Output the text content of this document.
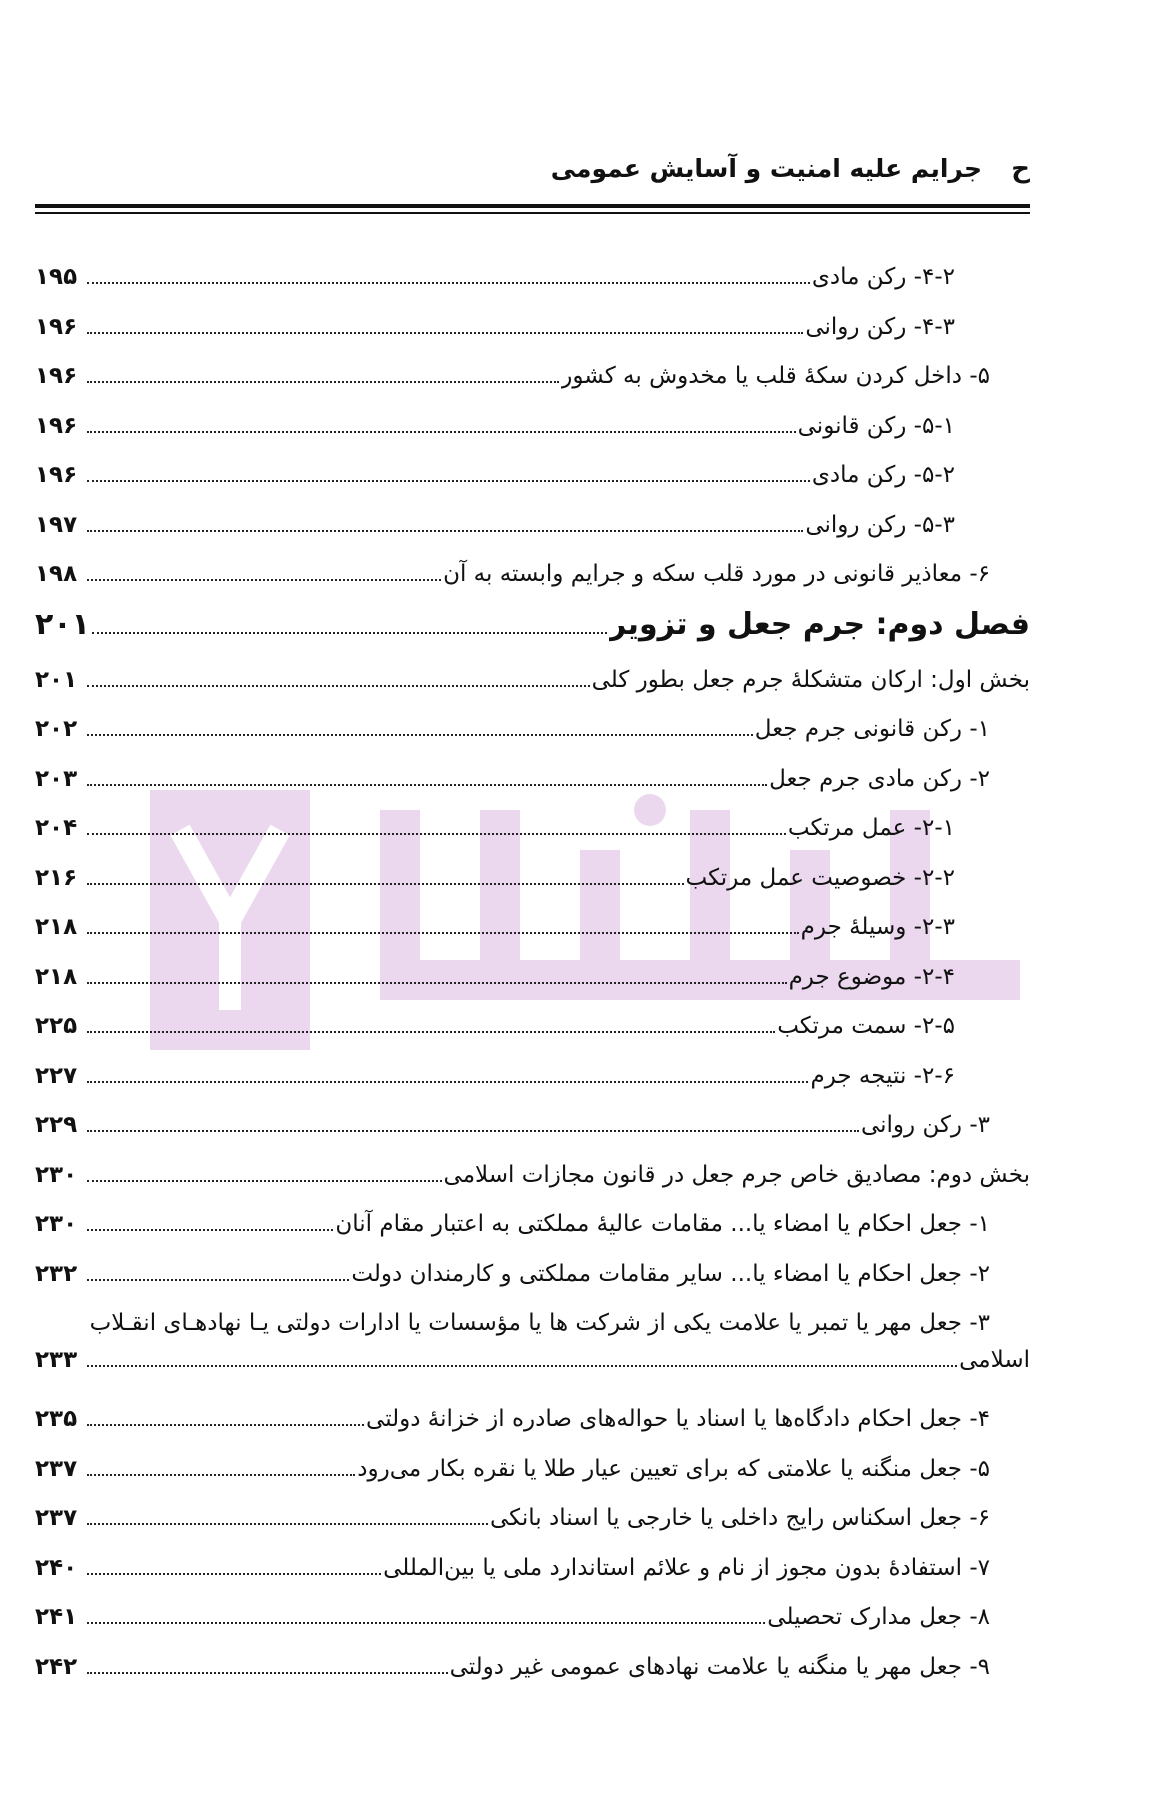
ح
جرایم علیه امنیت و آسایش عمومی
۴-۲- رکن مادی
۱۹۵
۴-۳- رکن روانی
۱۹۶
۵- داخل کردن سکهٔ قلب یا مخدوش به کشور
۱۹۶
۵-۱- رکن قانونی
۱۹۶
۵-۲- رکن مادی
۱۹۶
۵-۳- رکن روانی
۱۹۷
۶- معاذیر قانونی در مورد قلب سکه و جرایم وابسته به آن
۱۹۸
فصل دوم: جرم جعل و تزویر
۲۰۱
بخش اول: ارکان متشکلهٔ جرم جعل بطور کلی
۲۰۱
۱- رکن قانونی جرم جعل
۲۰۲
۲- رکن مادی جرم جعل
۲۰۳
۲-۱- عمل مرتکب
۲۰۴
۲-۲- خصوصیت عمل مرتکب
۲۱۶
۲-۳- وسیلهٔ جرم
۲۱۸
۲-۴- موضوع جرم
۲۱۸
۲-۵- سمت مرتکب
۲۲۵
۲-۶- نتیجه جرم
۲۲۷
۳- رکن روانی
۲۲۹
بخش دوم: مصادیق خاص جرم جعل در قانون مجازات اسلامی
۲۳۰
۱- جعل احکام یا امضاء یا... مقامات عالیهٔ مملکتی به اعتبار مقام آنان
۲۳۰
۲- جعل احکام یا امضاء یا... سایر مقامات مملکتی و کارمندان دولت
۲۳۲
۳- جعل مهر یا تمبر یا علامت یکی از شرکت ها یا مؤسسات یا ادارات دولتی یـا نهادهـای انقـلاب
اسلامی
۲۳۳
۴- جعل احکام دادگاه‌ها یا اسناد یا حواله‌های صادره از خزانهٔ دولتی
۲۳۵
۵- جعل منگنه یا علامتی که برای تعیین عیار طلا یا نقره بکار می‌رود
۲۳۷
۶- جعل اسکناس رایج داخلی یا خارجی یا اسناد بانکی
۲۳۷
۷- استفادهٔ بدون مجوز از نام و علائم استاندارد ملی یا بین‌المللی
۲۴۰
۸- جعل مدارک تحصیلی
۲۴۱
۹- جعل مهر یا منگنه یا علامت نهادهای عمومی غیر دولتی
۲۴۲
